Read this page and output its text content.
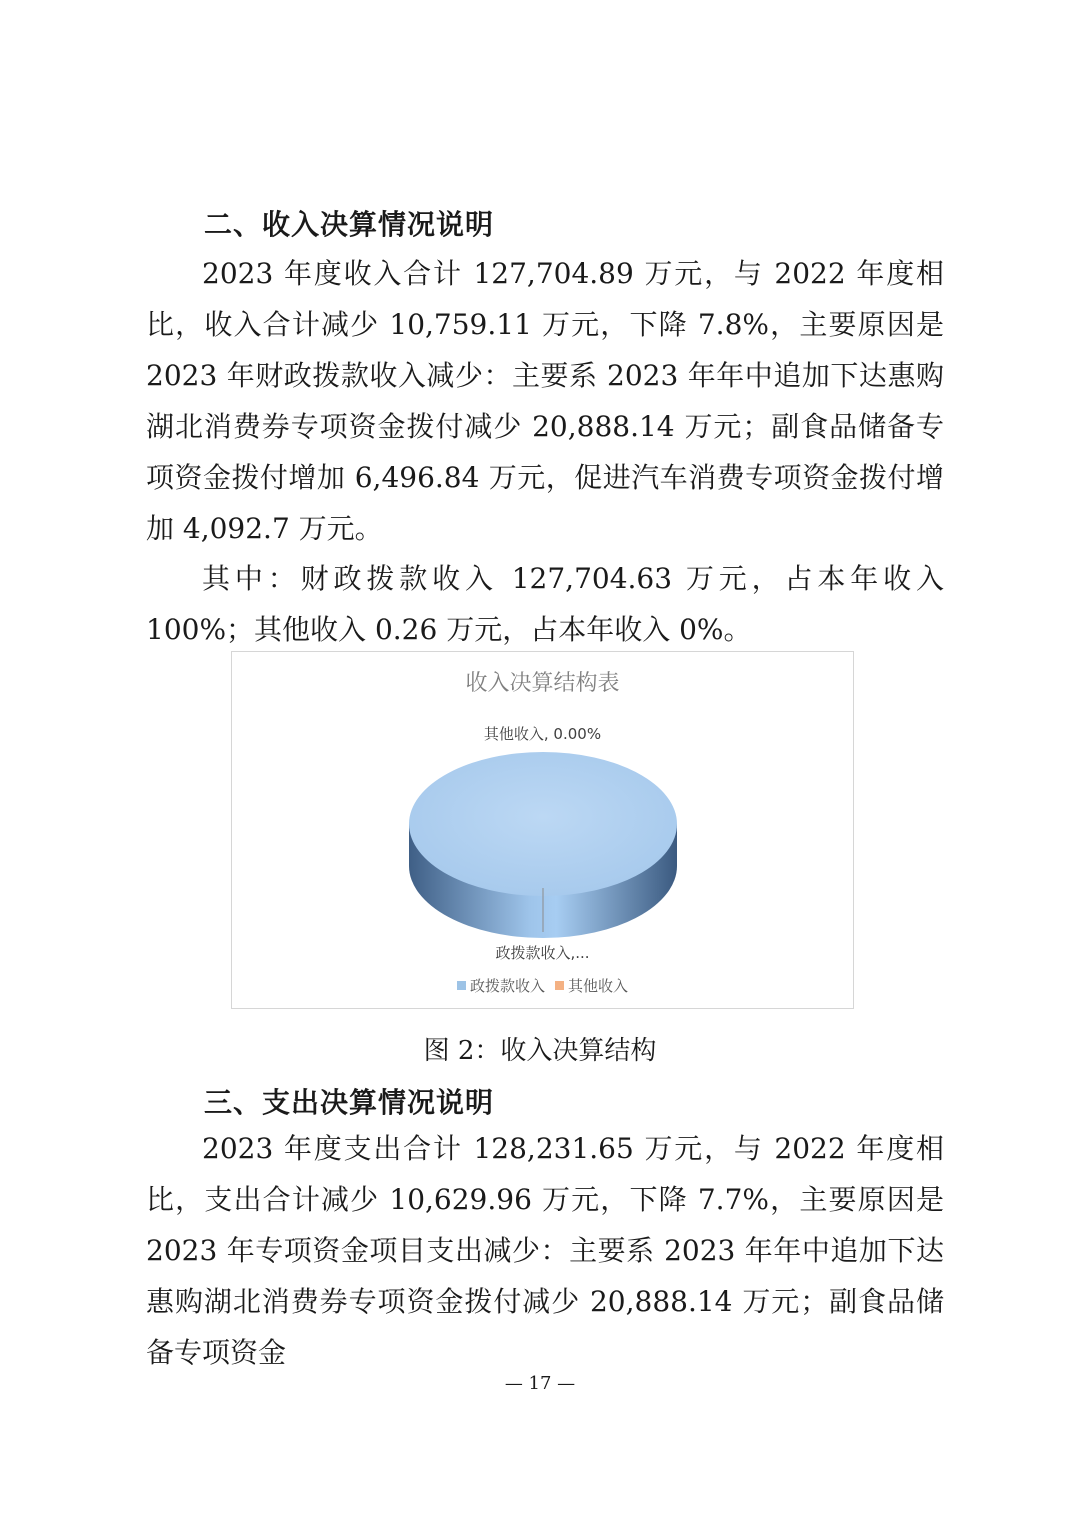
二、收入决算情况说明

2023 年度收入合计 127,704.89 万元，与 2022 年度相比，收入合计减少 10,759.11 万元，下降 7.8%，主要原因是 2023 年财政拨款收入减少：主要系 2023 年年中追加下达惠购湖北消费券专项资金拨付减少 20,888.14 万元；副食品储备专项资金拨付增加 6,496.84 万元，促进汽车消费专项资金拨付增加 4,092.7 万元。

其中：财政拨款收入 127,704.63 万元，占本年收入 100%；其他收入 0.26 万元，占本年收入 0%。

收入决算结构表
其他收入, 0.00%
政拨款收入,...
政拨款收入 其他收入
图 2：收入决算结构
三、支出决算情况说明

2023 年度支出合计 128,231.65 万元，与 2022 年度相比，支出合计减少 10,629.96 万元，下降 7.7%，主要原因是 2023 年专项资金项目支出减少：主要系 2023 年年中追加下达惠购湖北消费券专项资金拨付减少 20,888.14 万元；副食品储备专项资金

— 17 —
